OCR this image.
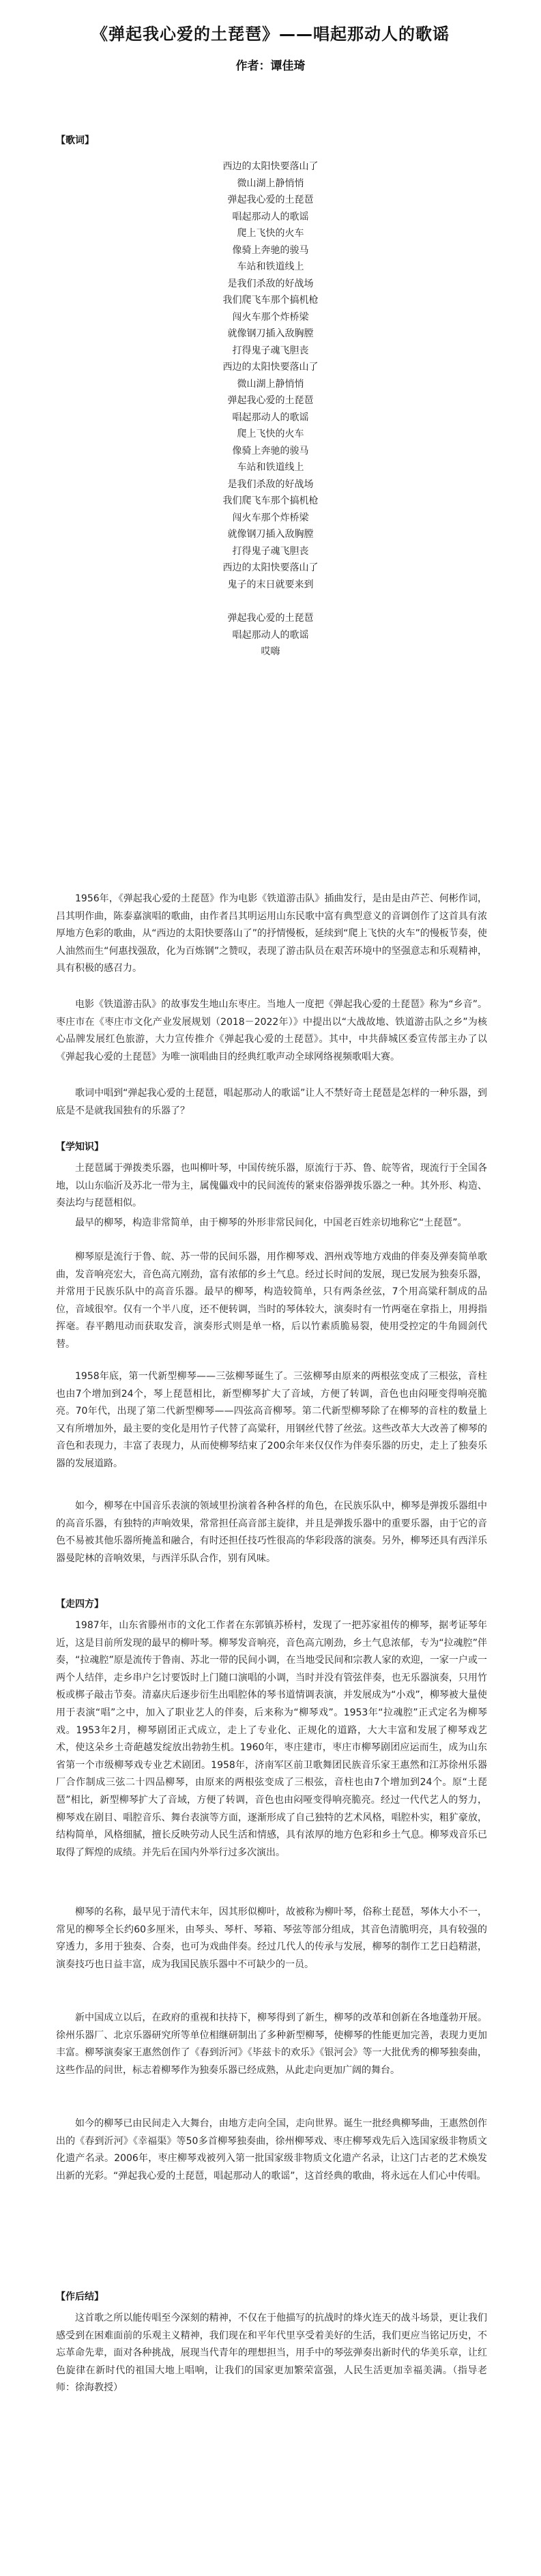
《弹起我心爱的土琵琶》——唱起那动人的歌谣
作者：谭佳琦
【歌词】
西边的太阳快要落山了
微山湖上静悄悄
弹起我心爱的土琵琶
唱起那动人的歌谣
爬上飞快的火车
像骑上奔驰的骏马
车站和铁道线上
是我们杀敌的好战场
我们爬飞车那个搞机枪
闯火车那个炸桥梁
就像钢刀插入敌胸膛
打得鬼子魂飞胆丧
西边的太阳快要落山了
微山湖上静悄悄
弹起我心爱的土琵琶
唱起那动人的歌谣
爬上飞快的火车
像骑上奔驰的骏马
车站和铁道线上
是我们杀敌的好战场
我们爬飞车那个搞机枪
闯火车那个炸桥梁
就像钢刀插入敌胸膛
打得鬼子魂飞胆丧
西边的太阳快要落山了
鬼子的末日就要来到
弹起我心爱的土琵琶
唱起那动人的歌谣
哎嗨

1956年，《弹起我心爱的土琵琶》作为电影《铁道游击队》插曲发行，是由是由芦芒、何彬作词，吕其明作曲，陈泰嘉演唱的歌曲，由作者吕其明运用山东民歌中富有典型意义的音调创作了这首具有浓厚地方色彩的歌曲，从“西边的太阳快要落山了”的抒情慢板，延续到“爬上飞快的火车”的慢板节奏，使人油然而生“何惠找强敌，化为百炼钢”之赞叹，表现了游击队员在艰苦环境中的坚强意志和乐观精神，具有积极的感召力。

电影《铁道游击队》的故事发生地山东枣庄。当地人一度把《弹起我心爱的土琵琶》称为“乡音”。枣庄市在《枣庄市文化产业发展规划（2018－2022年）》中提出以“大战故地、铁道游击队之乡”为核心品牌发展红色旅游，大力宣传推介《弹起我心爱的土琵琶》。其中，中共薛城区委宣传部主办了以《弹起我心爱的土琵琶》为唯一演唱曲目的经典红歌声动全球网络视频歌唱大赛。

歌词中唱到“弹起我心爱的土琵琶，唱起那动人的歌谣”让人不禁好奇土琵琶是怎样的一种乐器，到底是不是就我国独有的乐器了？

【学知识】

土琵琶属于弹拨类乐器，也叫柳叶琴，中国传统乐器，原流行于苏、鲁、皖等省，现流行于全国各地，以山东临沂及苏北一带为主，属傀儡戏中的民间流传的紧束俗器弹拨乐器之一种。其外形、构造、奏法均与琵琶相似。

最早的柳琴，构造非常简单，由于柳琴的外形非常民间化，中国老百姓亲切地称它“土琵琶”。

柳琴原是流行于鲁、皖、苏一带的民间乐器，用作柳琴戏、泗州戏等地方戏曲的伴奏及弹奏简单歌曲，发音响亮宏大，音色高亢刚劲，富有浓郁的乡土气息。经过长时间的发展，现已发展为独奏乐器，并常用于民族乐队中的高音乐器。最早的柳琴，构造较简单，只有两条丝弦，7个用高粱秆制成的品位，音域很窄。仅有一个半八度，还不便转调，当时的琴体较大，演奏时有一竹两毫在拿指上，用拇指挥毫。春平鹅甩动而获取发音，演奏形式则是单一格，后以竹素质脆易裂，使用受控定的牛角圆剑代替。

1958年底，第一代新型柳琴——三弦柳琴诞生了。三弦柳琴由原来的两根弦变成了三根弦，音柱也由7个增加到24个，琴上琵琶相比，新型柳琴扩大了音域，方便了转调，音色也由闷哑变得响亮脆亮。70年代，出现了第二代新型柳琴——四弦高音柳琴。第二代新型柳琴除了在柳琴的音柱的数量上又有所增加外，最主要的变化是用竹子代替了高粱秆，用钢丝代替了丝弦。这些改革大大改善了柳琴的音色和表现力，丰富了表现力，从而使柳琴结束了200余年来仅仅作为伴奏乐器的历史，走上了独奏乐器的发展道路。

如今，柳琴在中国音乐表演的领域里扮演着各种各样的角色，在民族乐队中，柳琴是弹拨乐器组中的高音乐器，有独特的声响效果，常常担任高音部主旋律，并且是弹拨乐器中的重要乐器，由于它的音色不易被其他乐器所掩盖和融合，有时还担任技巧性很高的华彩段落的演奏。另外，柳琴还具有西洋乐器曼陀林的音响效果，与西洋乐队合作，别有风味。

【走四方】

1987年，山东省滕州市的文化工作者在东郭镇苏桥村，发现了一把苏家祖传的柳琴，据考证琴年近，这是目前所发现的最早的柳叶琴。柳琴发音响亮，音色高亢刚劲，乡土气息浓郁，专为“拉魂腔”伴奏，“拉魂腔”原是流传于鲁南、苏北一带的民间小调，在当地受民间和宗教人家的欢迎，一家一户或一两个人结伴，走乡串户乞讨要饭时上门随口演唱的小调，当时并没有管弦伴奏，也无乐器演奏，只用竹板或梆子敲击节奏。清嘉庆后逐步衍生出唱腔体的琴书道情调表演，并发展成为“小戏”，柳琴被大量使用于表演“唱”之中，加入了职业艺人的伴奏，后来称为“柳琴戏”。1953年“拉魂腔”正式定名为柳琴戏。1953年2月，柳琴剧团正式成立，走上了专业化、正规化的道路，大大丰富和发展了柳琴戏艺术，使这朵乡土奇葩越发绽放出勃勃生机。1960年，枣庄建市，枣庄市柳琴剧团应运而生，成为山东省第一个市级柳琴戏专业艺术剧团。1958年，济南军区前卫歌舞团民族音乐家王惠然和江苏徐州乐器厂合作制成三弦二十四品柳琴，由原来的两根弦变成了三根弦，音柱也由7个增加到24个。原“土琵琶”相比，新型柳琴扩大了音域，方便了转调，音色也由闷哑变得响亮脆亮。经过一代代艺人的努力，柳琴戏在剧目、唱腔音乐、舞台表演等方面，逐渐形成了自己独特的艺术风格，唱腔朴实，粗犷豪放，结构简单，风格细腻，擅长反映劳动人民生活和情感，具有浓厚的地方色彩和乡土气息。柳琴戏音乐已取得了辉煌的成绩。并先后在国内外举行过多次演出。

柳琴的名称，最早见于清代末年，因其形似柳叶，故被称为柳叶琴，俗称土琵琶，琴体大小不一，常见的柳琴全长约60多厘米，由琴头、琴杆、琴箱、琴弦等部分组成，其音色清脆明亮，具有较强的穿透力，多用于独奏、合奏，也可为戏曲伴奏。经过几代人的传承与发展，柳琴的制作工艺日趋精湛，演奏技巧也日益丰富，成为我国民族乐器中不可缺少的一员。

新中国成立以后，在政府的重视和扶持下，柳琴得到了新生，柳琴的改革和创新在各地蓬勃开展。徐州乐器厂、北京乐器研究所等单位相继研制出了多种新型柳琴，使柳琴的性能更加完善，表现力更加丰富。柳琴演奏家王惠然创作了《春到沂河》《毕兹卡的欢乐》《银河会》等一大批优秀的柳琴独奏曲，这些作品的问世，标志着柳琴作为独奏乐器已经成熟，从此走向更加广阔的舞台。

如今的柳琴已由民间走入大舞台，由地方走向全国，走向世界。诞生一批经典柳琴曲，王惠然创作出的《春到沂河》《幸福渠》等50多首柳琴独奏曲，徐州柳琴戏、枣庄柳琴戏先后入选国家级非物质文化遗产名录。2006年，枣庄柳琴戏被列入第一批国家级非物质文化遗产名录，让这门古老的艺术焕发出新的光彩。“弹起我心爱的土琵琶，唱起那动人的歌谣”，这首经典的歌曲，将永远在人们心中传唱。

【作后结】

这首歌之所以能传唱至今深刻的精神，不仅在于他描写的抗战时的烽火连天的战斗场景，更让我们感受到在困难面前的乐观主义精神，我们现在和平年代里享受着美好的生活，我们更应当铭记历史，不忘革命先辈，面对各种挑战，展现当代青年的理想担当，用手中的琴弦弹奏出新时代的华美乐章，让红色旋律在新时代的祖国大地上唱响，让我们的国家更加繁荣富强，人民生活更加幸福美满。（指导老师：徐海教授）
